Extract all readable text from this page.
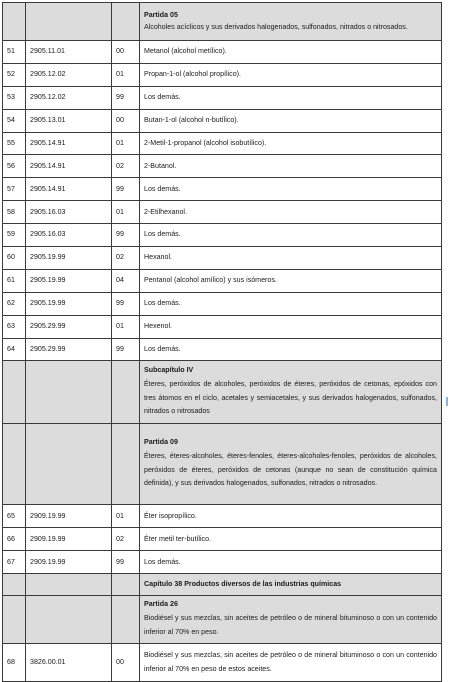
			Partida 05
Alcoholes acíclicos y sus derivados halogenados, sulfonados, nitrados o nitrosados.
51	2905.11.01	00	Metanol (alcohol metílico).
52	2905.12.02	01	Propan-1-ol (alcohol propílico).
53	2905.12.02	99	Los demás.
54	2905.13.01	00	Butan-1-ol (alcohol n-butílico).
55	2905.14.91	01	2-Metil-1-propanol (alcohol isobutílico).
56	2905.14.91	02	2-Butanol.
57	2905.14.91	99	Los demás.
58	2905.16.03	01	2-Etilhexanol.
59	2905.16.03	99	Los demás.
60	2905.19.99	02	Hexanol.
61	2905.19.99	04	Pentanol (alcohol amílico) y sus isómeros.
62	2905.19.99	99	Los demás.
63	2905.29.99	01	Hexenol.
64	2905.29.99	99	Los demás.

			Subcapítulo IV
Éteres, peróxidos de alcoholes, peróxidos de éteres, peróxidos de cetonas, epóxidos con tres átomos en el ciclo, acetales y semiacetales, y sus derivados halogenados, sulfonados, nitrados o nitrosados

			Partida 09
Éteres, éteres-alcoholes, éteres-fenoles, éteres-alcoholes-fenoles, peróxidos de alcoholes, peróxidos de éteres, peróxidos de cetonas (aunque no sean de constitución química definida), y sus derivados halogenados, sulfonados, nitrados o nitrosados.

65	2909.19.99	01	Éter isopropílico.
66	2909.19.99	02	Éter metil ter-butílico.
67	2909.19.99	99	Los demás.
			Capítulo 38 Productos diversos de las industrias químicas

			Partida 26
Biodiésel y sus mezclas, sin aceites de petróleo o de mineral bituminoso o con un contenido inferior al 70% en peso.

68	3826.00.01	00	Biodiésel y sus mezclas, sin aceites de petróleo o de mineral bituminoso o con un contenido inferior al 70% en peso de estos aceites.
